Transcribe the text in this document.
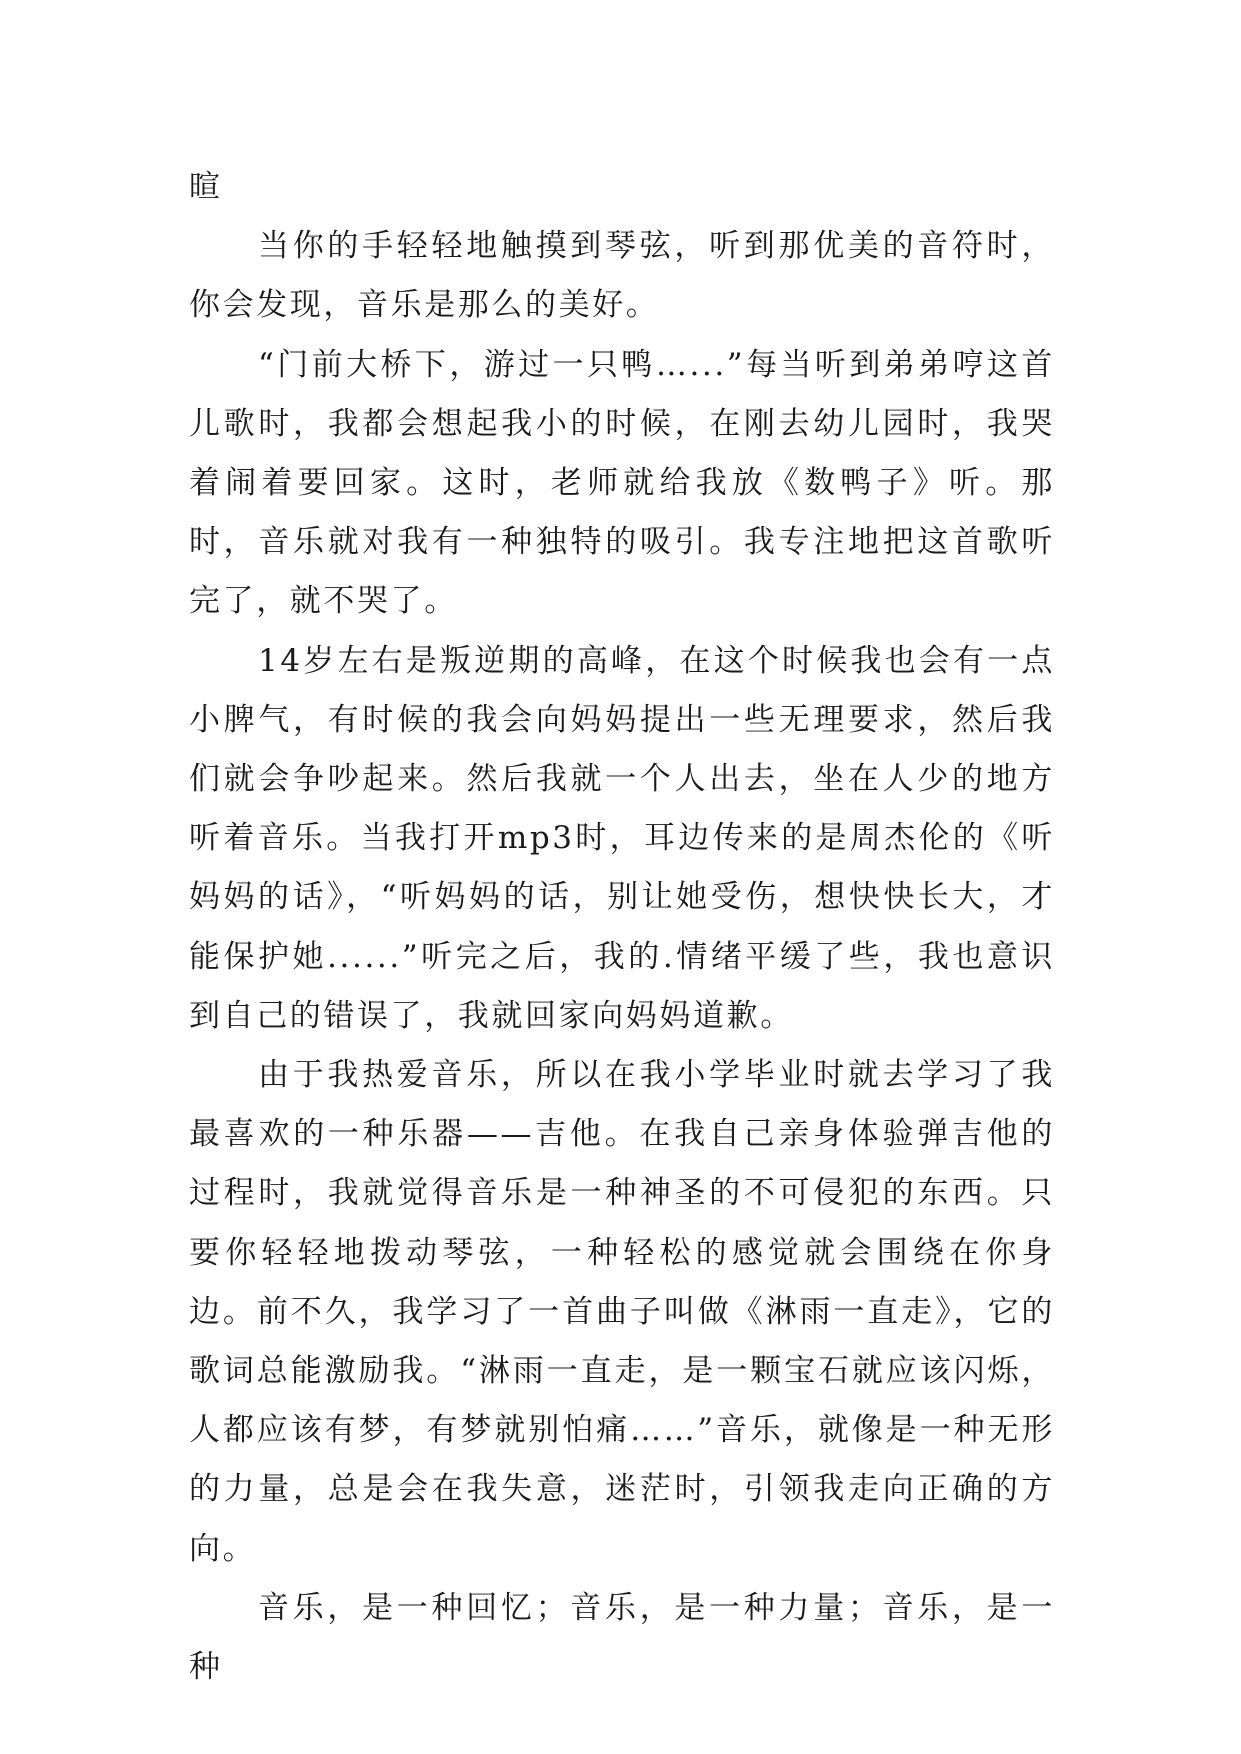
暄

当你的手轻轻地触摸到琴弦，听到那优美的音符时，你会发现，音乐是那么的美好。

“门前大桥下，游过一只鸭…...”每当听到弟弟哼这首儿歌时，我都会想起我小的时候，在刚去幼儿园时，我哭着闹着要回家。这时，老师就给我放《数鸭子》听。那时，音乐就对我有一种独特的吸引。我专注地把这首歌听完了，就不哭了。

14岁左右是叛逆期的高峰，在这个时候我也会有一点小脾气，有时候的我会向妈妈提出一些无理要求，然后我们就会争吵起来。然后我就一个人出去，坐在人少的地方听着音乐。当我打开mp3时，耳边传来的是周杰伦的《听妈妈的话》，“听妈妈的话，别让她受伤，想快快长大，才能保护她......”听完之后，我的.情绪平缓了些，我也意识到自己的错误了，我就回家向妈妈道歉。

由于我热爱音乐，所以在我小学毕业时就去学习了我最喜欢的一种乐器——吉他。在我自己亲身体验弹吉他的过程时，我就觉得音乐是一种神圣的不可侵犯的东西。只要你轻轻地拨动琴弦，一种轻松的感觉就会围绕在你身边。前不久，我学习了一首曲子叫做《淋雨一直走》，它的歌词总能激励我。“淋雨一直走，是一颗宝石就应该闪烁，人都应该有梦，有梦就别怕痛……”音乐，就像是一种无形的力量，总是会在我失意，迷茫时，引领我走向正确的方向。

音乐，是一种回忆；音乐，是一种力量；音乐，是一种
